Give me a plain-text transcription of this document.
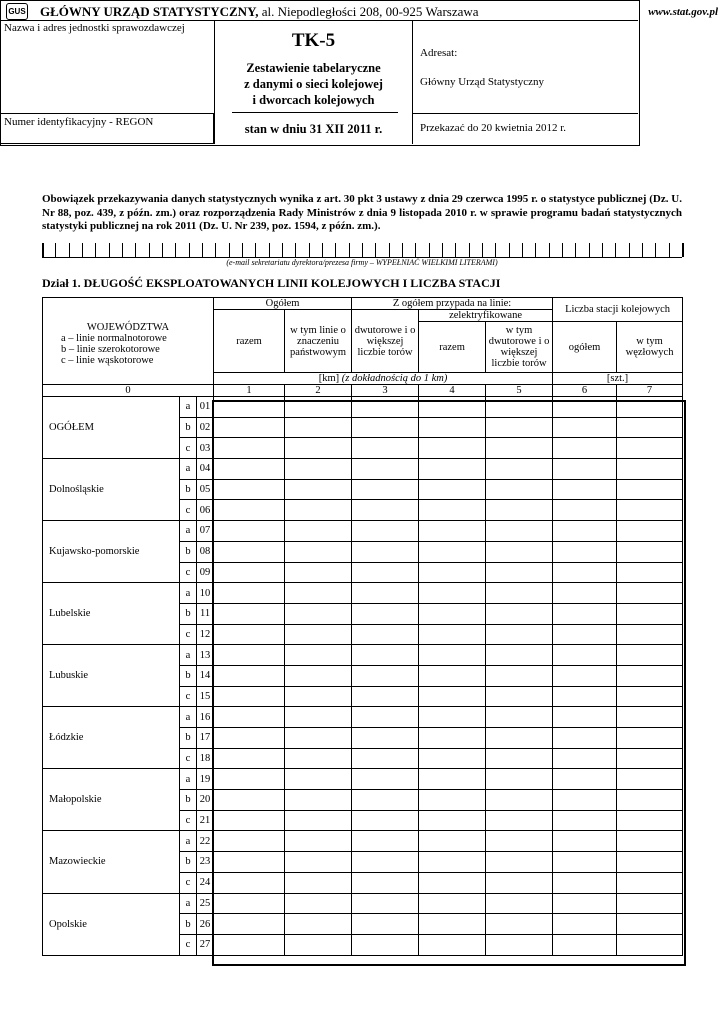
GUS GŁÓWNY URZĄD STATYSTYCZNY, al. Niepodległości 208, 00-925 Warszawa	www.stat.gov.pl
Nazwa i adres jednostki sprawozdawczej
Numer identyfikacyjny - REGON
TK-5
Zestawienie tabelaryczne
z danymi o sieci kolejowej
i dworcach kolejowych
stan w dniu 31 XII 2011 r.
Adresat:
Główny Urząd Statystyczny
Przekazać do 20 kwietnia 2012 r.
Obowiązek przekazywania danych statystycznych wynika z art. 30 pkt 3 ustawy z dnia 29 czerwca 1995 r. o statystyce publicznej (Dz. U. Nr 88, poz. 439, z późn. zm.) oraz rozporządzenia Rady Ministrów z dnia 9 listopada 2010 r. w sprawie programu badań statystycznych statystyki publicznej na rok 2011 (Dz. U. Nr 239, poz. 1594, z późn. zm.).
(e-mail sekretariatu dyrektora/prezesa firmy – WYPEŁNIAĆ WIELKIMI LITERAMI)
Dział 1. DŁUGOŚĆ EKSPLOATOWANYCH LINII KOLEJOWYCH I LICZBA STACJI
WOJEWÓDZTWA
a – linie normalnotorowe
b – linie szerokotorowe
c – linie wąskotorowe			Ogółem		Z ogółem przypada na linie:			Liczba stacji kolejowych	
			razem	w tym linie o znaczeniu państwowym	dwutorowe i o większej liczbie torów	zelektryfikowane			
						razem	w tym dwutorowe i o większej liczbie torów	ogółem	w tym węzłowych
			[km] (z dokładnością do 1 km)					[szt.]	
0			1	2	3	4	5	6	7
OGÓŁEM	a	01							
	b	02							
	c	03							
Dolnośląskie	a	04							
	b	05							
	c	06							
Kujawsko-pomorskie	a	07							
	b	08							
	c	09							
Lubelskie	a	10							
	b	11							
	c	12							
Lubuskie	a	13							
	b	14							
	c	15							
Łódzkie	a	16							
	b	17							
	c	18							
Małopolskie	a	19							
	b	20							
	c	21							
Mazowieckie	a	22							
	b	23							
	c	24							
Opolskie	a	25							
	b	26							
	c	27							
